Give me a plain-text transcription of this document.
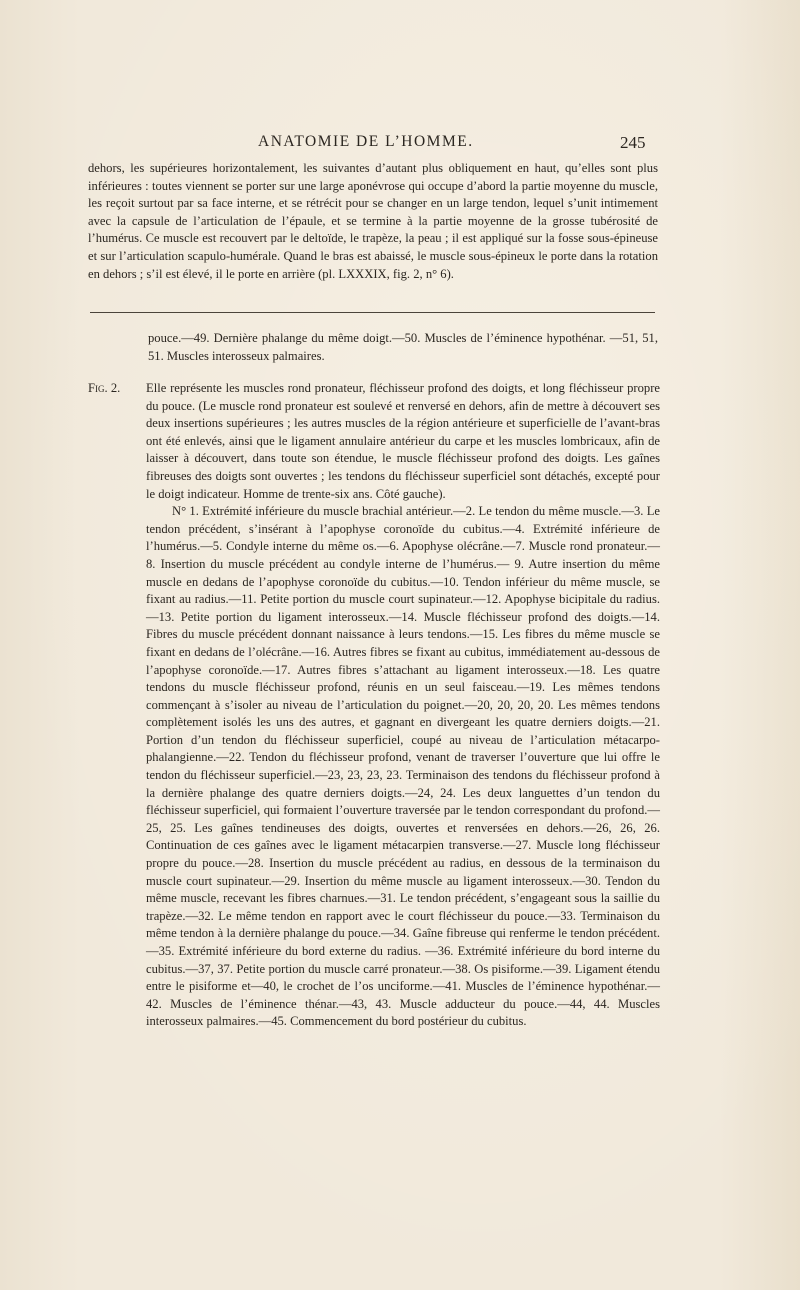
ANATOMIE DE L’HOMME.	245

dehors, les supérieures horizontalement, les suivantes d’autant plus obliquement en haut, qu’elles sont plus inférieures : toutes viennent se porter sur une large aponévrose qui occupe d’abord la partie moyenne du muscle, les reçoit surtout par sa face interne, et se rétrécit pour se changer en un large tendon, lequel s’unit intimement avec la capsule de l’articulation de l’épaule, et se termine à la partie moyenne de la grosse tubérosité de l’humérus. Ce muscle est recouvert par le deltoïde, le trapèze, la peau ; il est appliqué sur la fosse sous-épineuse et sur l’articulation scapulo-humérale. Quand le bras est abaissé, le muscle sous-épineux le porte dans la rotation en dehors ; s’il est élevé, il le porte en arrière (pl. LXXXIX, fig. 2, n° 6).

pouce.—49. Dernière phalange du même doigt.—50. Muscles de l’éminence hypothénar. —51, 51, 51. Muscles interosseux palmaires.

Fig. 2.	Elle représente les muscles rond pronateur, fléchisseur profond des doigts, et long fléchisseur propre du pouce. (Le muscle rond pronateur est soulevé et renversé en dehors, afin de mettre à découvert ses deux insertions supérieures ; les autres muscles de la région antérieure et superficielle de l’avant-bras ont été enlevés, ainsi que le ligament annulaire antérieur du carpe et les muscles lombricaux, afin de laisser à découvert, dans toute son étendue, le muscle fléchisseur profond des doigts. Les gaînes fibreuses des doigts sont ouvertes ; les tendons du fléchisseur superficiel sont détachés, excepté pour le doigt indicateur. Homme de trente-six ans. Côté gauche).

N° 1. Extrémité inférieure du muscle brachial antérieur.—2. Le tendon du même muscle.—3. Le tendon précédent, s’insérant à l’apophyse coronoïde du cubitus.—4. Extrémité inférieure de l’humérus.—5. Condyle interne du même os.—6. Apophyse olécrâne.—7. Muscle rond pronateur.—8. Insertion du muscle précédent au condyle interne de l’humérus.— 9. Autre insertion du même muscle en dedans de l’apophyse coronoïde du cubitus.—10. Tendon inférieur du même muscle, se fixant au radius.—11. Petite portion du muscle court supinateur.—12. Apophyse bicipitale du radius.—13. Petite portion du ligament interosseux.—14. Muscle fléchisseur profond des doigts.—14. Fibres du muscle précédent donnant naissance à leurs tendons.—15. Les fibres du même muscle se fixant en dedans de l’olécrâne.—16. Autres fibres se fixant au cubitus, immédiatement au-dessous de l’apophyse coronoïde.—17. Autres fibres s’attachant au ligament interosseux.—18. Les quatre tendons du muscle fléchisseur profond, réunis en un seul faisceau.—19. Les mêmes tendons commençant à s’isoler au niveau de l’articulation du poignet.—20, 20, 20, 20. Les mêmes tendons complètement isolés les uns des autres, et gagnant en divergeant les quatre derniers doigts.—21. Portion d’un tendon du fléchisseur superficiel, coupé au niveau de l’articulation métacarpo-phalangienne.—22. Tendon du fléchisseur profond, venant de traverser l’ouverture que lui offre le tendon du fléchisseur superficiel.—23, 23, 23, 23. Terminaison des tendons du fléchisseur profond à la dernière phalange des quatre derniers doigts.—24, 24. Les deux languettes d’un tendon du fléchisseur superficiel, qui formaient l’ouverture traversée par le tendon correspondant du profond.—25, 25. Les gaînes tendineuses des doigts, ouvertes et renversées en dehors.—26, 26, 26. Continuation de ces gaînes avec le ligament métacarpien transverse.—27. Muscle long fléchisseur propre du pouce.—28. Insertion du muscle précédent au radius, en dessous de la terminaison du muscle court supinateur.—29. Insertion du même muscle au ligament interosseux.—30. Tendon du même muscle, recevant les fibres charnues.—31. Le tendon précédent, s’engageant sous la saillie du trapèze.—32. Le même tendon en rapport avec le court fléchisseur du pouce.—33. Terminaison du même tendon à la dernière phalange du pouce.—34. Gaîne fibreuse qui renferme le tendon précédent.—35. Extrémité inférieure du bord externe du radius. —36. Extrémité inférieure du bord interne du cubitus.—37, 37. Petite portion du muscle carré pronateur.—38. Os pisiforme.—39. Ligament étendu entre le pisiforme et—40, le crochet de l’os unciforme.—41. Muscles de l’éminence hypothénar.—42. Muscles de l’éminence thénar.—43, 43. Muscle adducteur du pouce.—44, 44. Muscles interosseux palmaires.—45. Commencement du bord postérieur du cubitus.
